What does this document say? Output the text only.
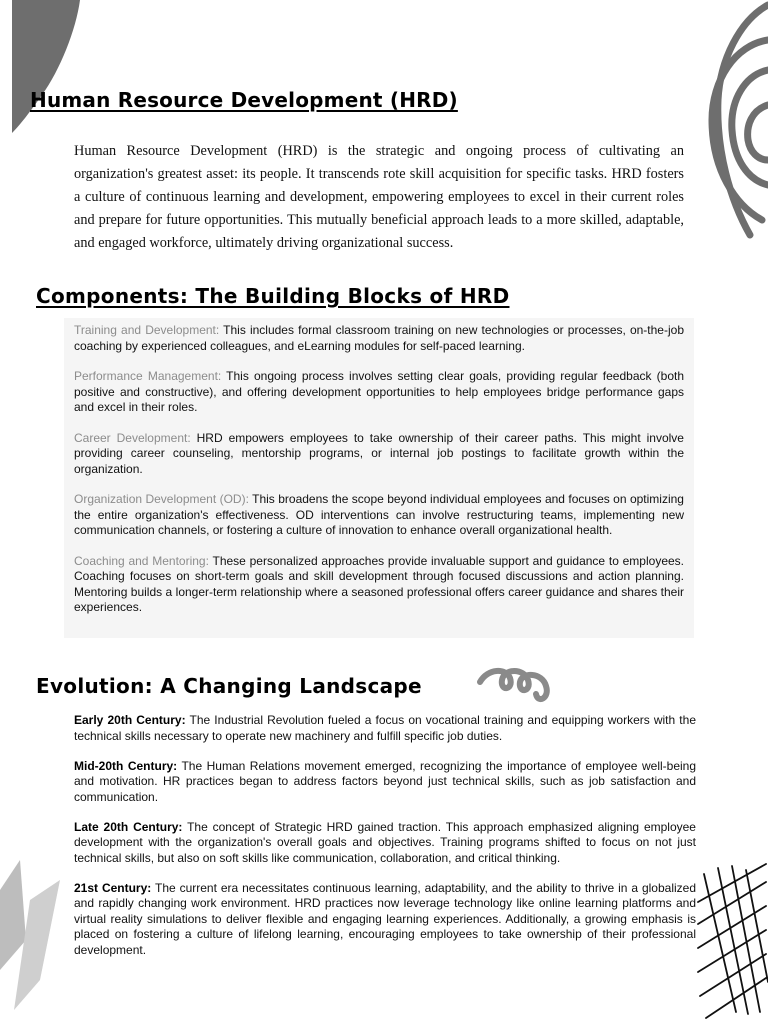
Human Resource Development (HRD)

Human Resource Development (HRD) is the strategic and ongoing process of cultivating an organization's greatest asset: its people. It transcends rote skill acquisition for specific tasks. HRD fosters a culture of continuous learning and development, empowering employees to excel in their current roles and prepare for future opportunities. This mutually beneficial approach leads to a more skilled, adaptable, and engaged workforce, ultimately driving organizational success.

Components: The Building Blocks of HRD

Training and Development: This includes formal classroom training on new technologies or processes, on-the-job coaching by experienced colleagues, and eLearning modules for self-paced learning.

Performance Management: This ongoing process involves setting clear goals, providing regular feedback (both positive and constructive), and offering development opportunities to help employees bridge performance gaps and excel in their roles.

Career Development: HRD empowers employees to take ownership of their career paths. This might involve providing career counseling, mentorship programs, or internal job postings to facilitate growth within the organization.

Organization Development (OD): This broadens the scope beyond individual employees and focuses on optimizing the entire organization's effectiveness. OD interventions can involve restructuring teams, implementing new communication channels, or fostering a culture of innovation to enhance overall organizational health.

Coaching and Mentoring: These personalized approaches provide invaluable support and guidance to employees. Coaching focuses on short-term goals and skill development through focused discussions and action planning. Mentoring builds a longer-term relationship where a seasoned professional offers career guidance and shares their experiences.

Evolution: A Changing Landscape

Early 20th Century: The Industrial Revolution fueled a focus on vocational training and equipping workers with the technical skills necessary to operate new machinery and fulfill specific job duties.

Mid-20th Century: The Human Relations movement emerged, recognizing the importance of employee well-being and motivation. HR practices began to address factors beyond just technical skills, such as job satisfaction and communication.

Late 20th Century: The concept of Strategic HRD gained traction. This approach emphasized aligning employee development with the organization's overall goals and objectives. Training programs shifted to focus on not just technical skills, but also on soft skills like communication, collaboration, and critical thinking.

21st Century: The current era necessitates continuous learning, adaptability, and the ability to thrive in a globalized and rapidly changing work environment. HRD practices now leverage technology like online learning platforms and virtual reality simulations to deliver flexible and engaging learning experiences. Additionally, a growing emphasis is placed on fostering a culture of lifelong learning, encouraging employees to take ownership of their professional development.
